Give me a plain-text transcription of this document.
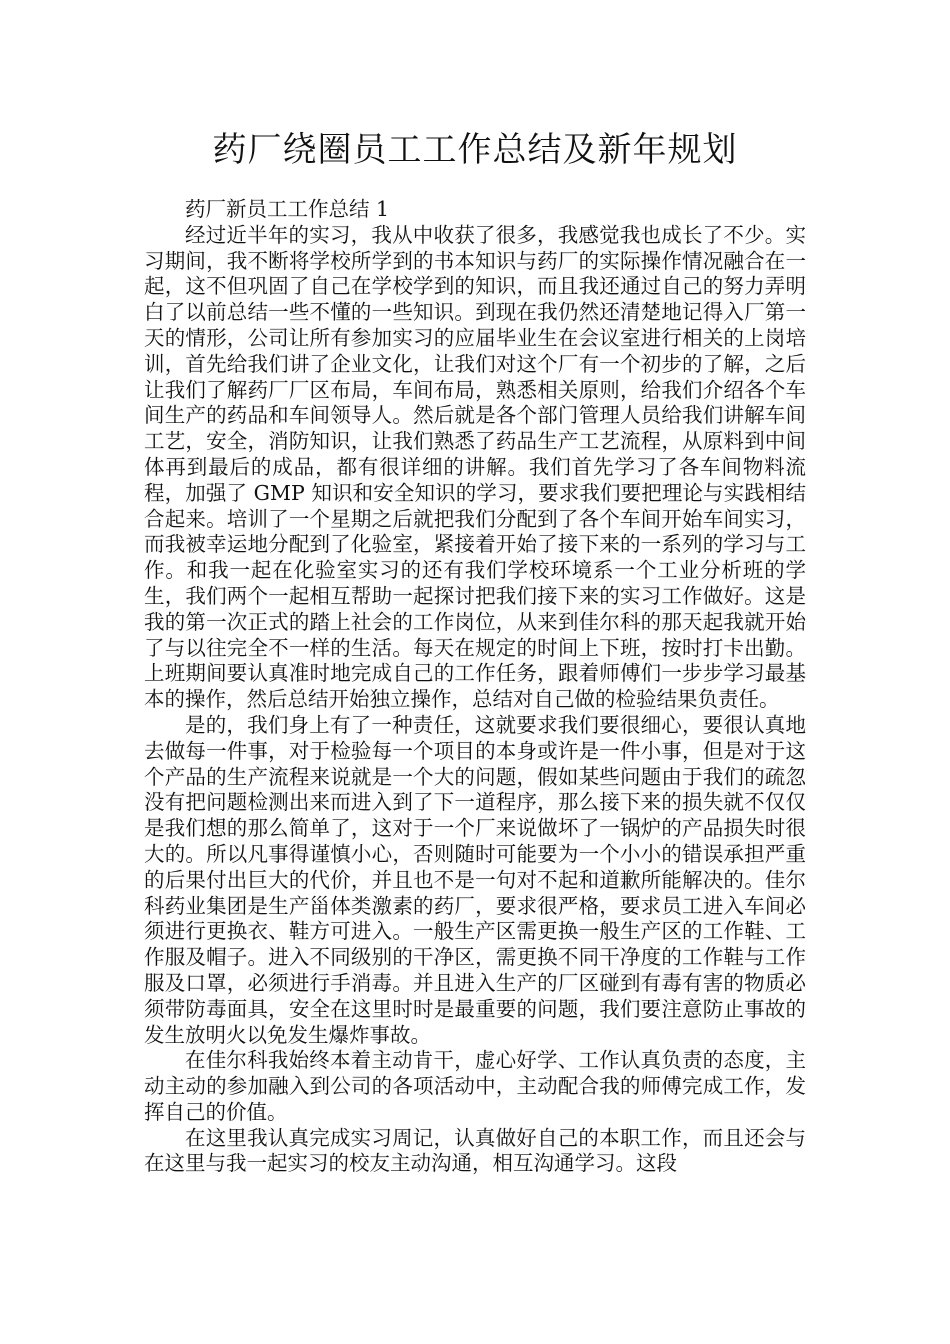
药厂绕圈员工工作总结及新年规划

药厂新员工工作总结 1

经过近半年的实习，我从中收获了很多，我感觉我也成长了不少。实习期间，我不断将学校所学到的书本知识与药厂的实际操作情况融合在一起，这不但巩固了自己在学校学到的知识，而且我还通过自己的努力弄明白了以前总结一些不懂的一些知识。到现在我仍然还清楚地记得入厂第一天的情形，公司让所有参加实习的应届毕业生在会议室进行相关的上岗培训，首先给我们讲了企业文化，让我们对这个厂有一个初步的了解，之后让我们了解药厂厂区布局，车间布局，熟悉相关原则，给我们介绍各个车间生产的药品和车间领导人。然后就是各个部门管理人员给我们讲解车间工艺，安全，消防知识，让我们熟悉了药品生产工艺流程，从原料到中间体再到最后的成品，都有很详细的讲解。我们首先学习了各车间物料流程，加强了 GMP 知识和安全知识的学习，要求我们要把理论与实践相结合起来。培训了一个星期之后就把我们分配到了各个车间开始车间实习，而我被幸运地分配到了化验室，紧接着开始了接下来的一系列的学习与工作。和我一起在化验室实习的还有我们学校环境系一个工业分析班的学生，我们两个一起相互帮助一起探讨把我们接下来的实习工作做好。这是我的第一次正式的踏上社会的工作岗位，从来到佳尔科的那天起我就开始了与以往完全不一样的生活。每天在规定的时间上下班，按时打卡出勤。上班期间要认真准时地完成自己的工作任务，跟着师傅们一步步学习最基本的操作，然后总结开始独立操作，总结对自己做的检验结果负责任。

是的，我们身上有了一种责任，这就要求我们要很细心，要很认真地去做每一件事，对于检验每一个项目的本身或许是一件小事，但是对于这个产品的生产流程来说就是一个大的问题，假如某些问题由于我们的疏忽没有把问题检测出来而进入到了下一道程序，那么接下来的损失就不仅仅是我们想的那么简单了，这对于一个厂来说做坏了一锅炉的产品损失时很大的。所以凡事得谨慎小心，否则随时可能要为一个小小的错误承担严重的后果付出巨大的代价，并且也不是一句对不起和道歉所能解决的。佳尔科药业集团是生产甾体类激素的药厂，要求很严格，要求员工进入车间必须进行更换衣、鞋方可进入。一般生产区需更换一般生产区的工作鞋、工作服及帽子。进入不同级别的干净区，需更换不同干净度的工作鞋与工作服及口罩，必须进行手消毒。并且进入生产的厂区碰到有毒有害的物质必须带防毒面具，安全在这里时时是最重要的问题，我们要注意防止事故的发生放明火以免发生爆炸事故。

在佳尔科我始终本着主动肯干，虚心好学、工作认真负责的态度，主动主动的参加融入到公司的各项活动中，主动配合我的师傅完成工作，发挥自己的价值。

在这里我认真完成实习周记，认真做好自己的本职工作，而且还会与在这里与我一起实习的校友主动沟通，相互沟通学习。这段
